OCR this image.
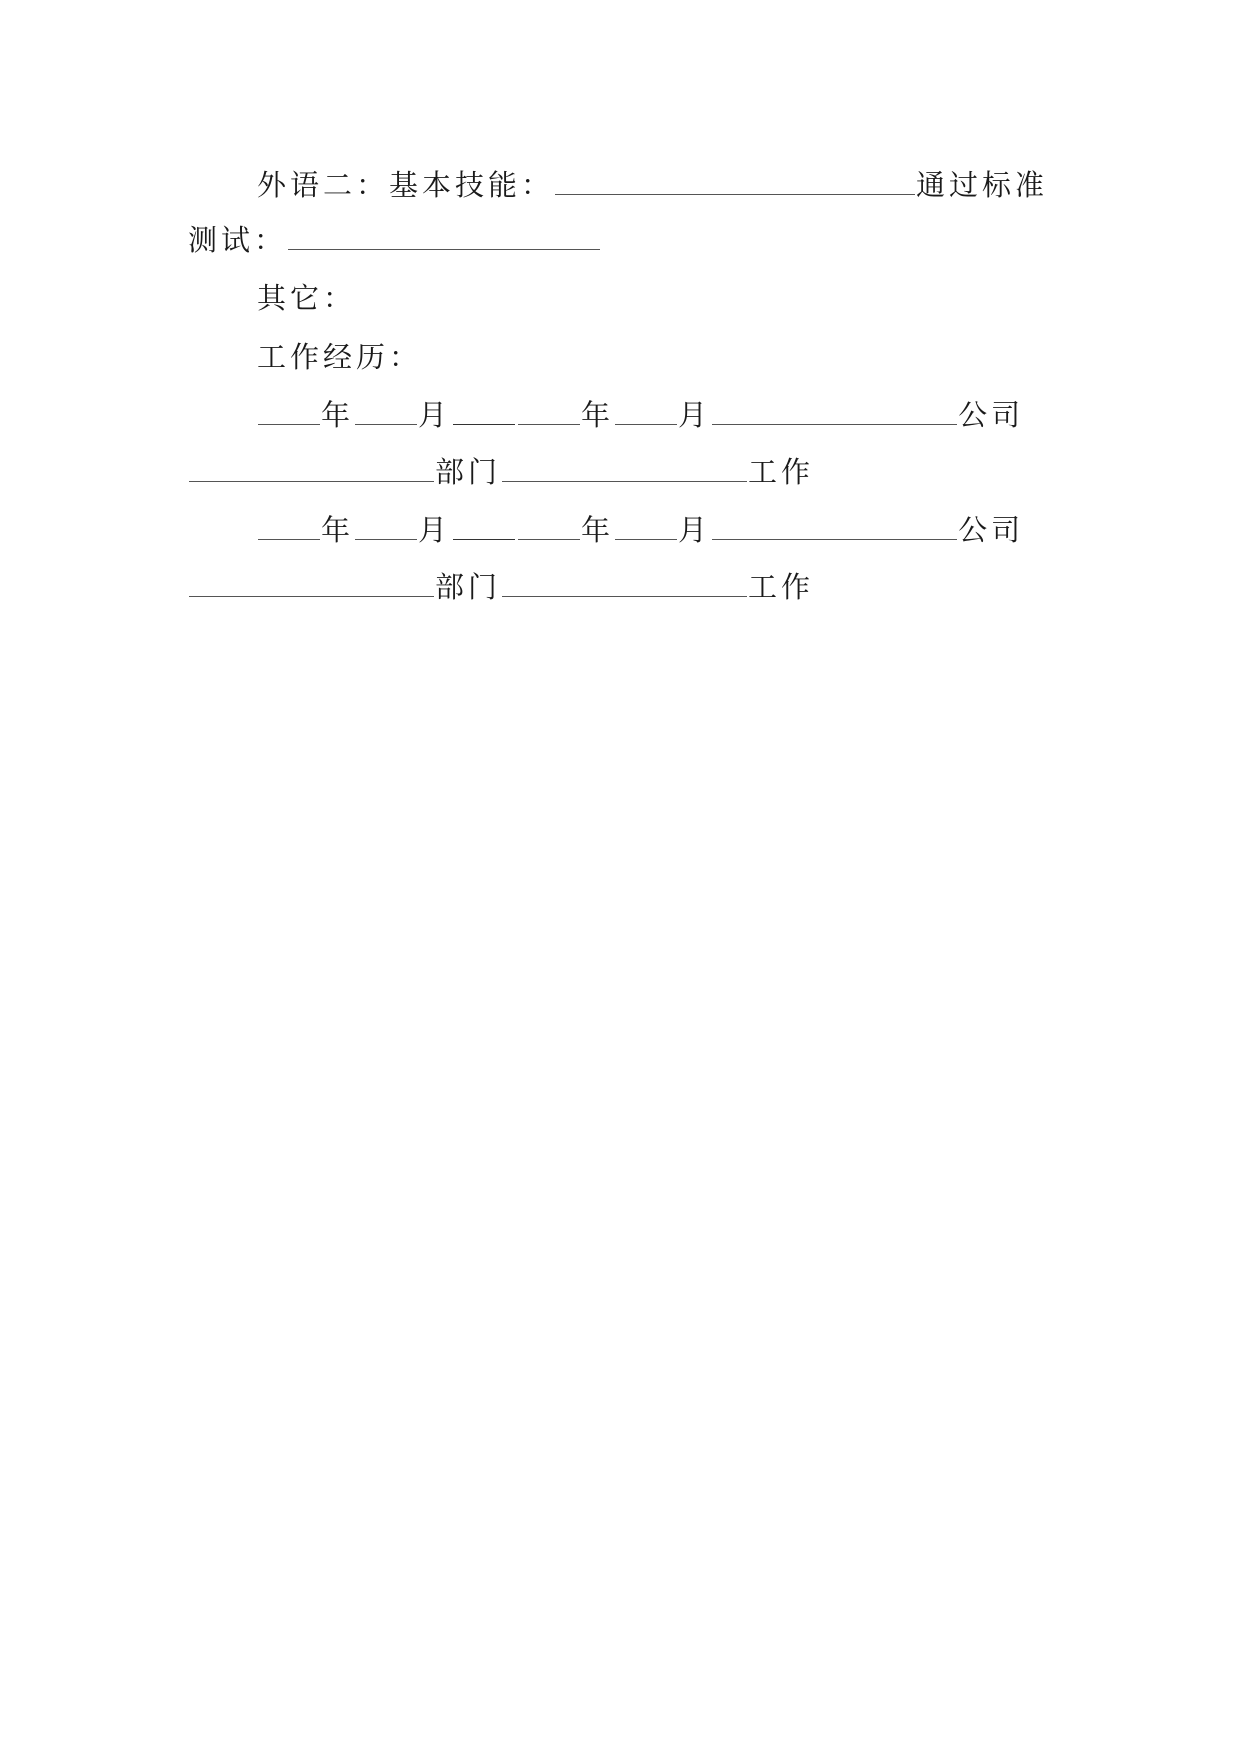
外语二：基本技能：	通过标准
测试：
其它：
工作经历：
年 月	年 月	公司
部门	工作
年 月	年 月	公司
部门	工作
